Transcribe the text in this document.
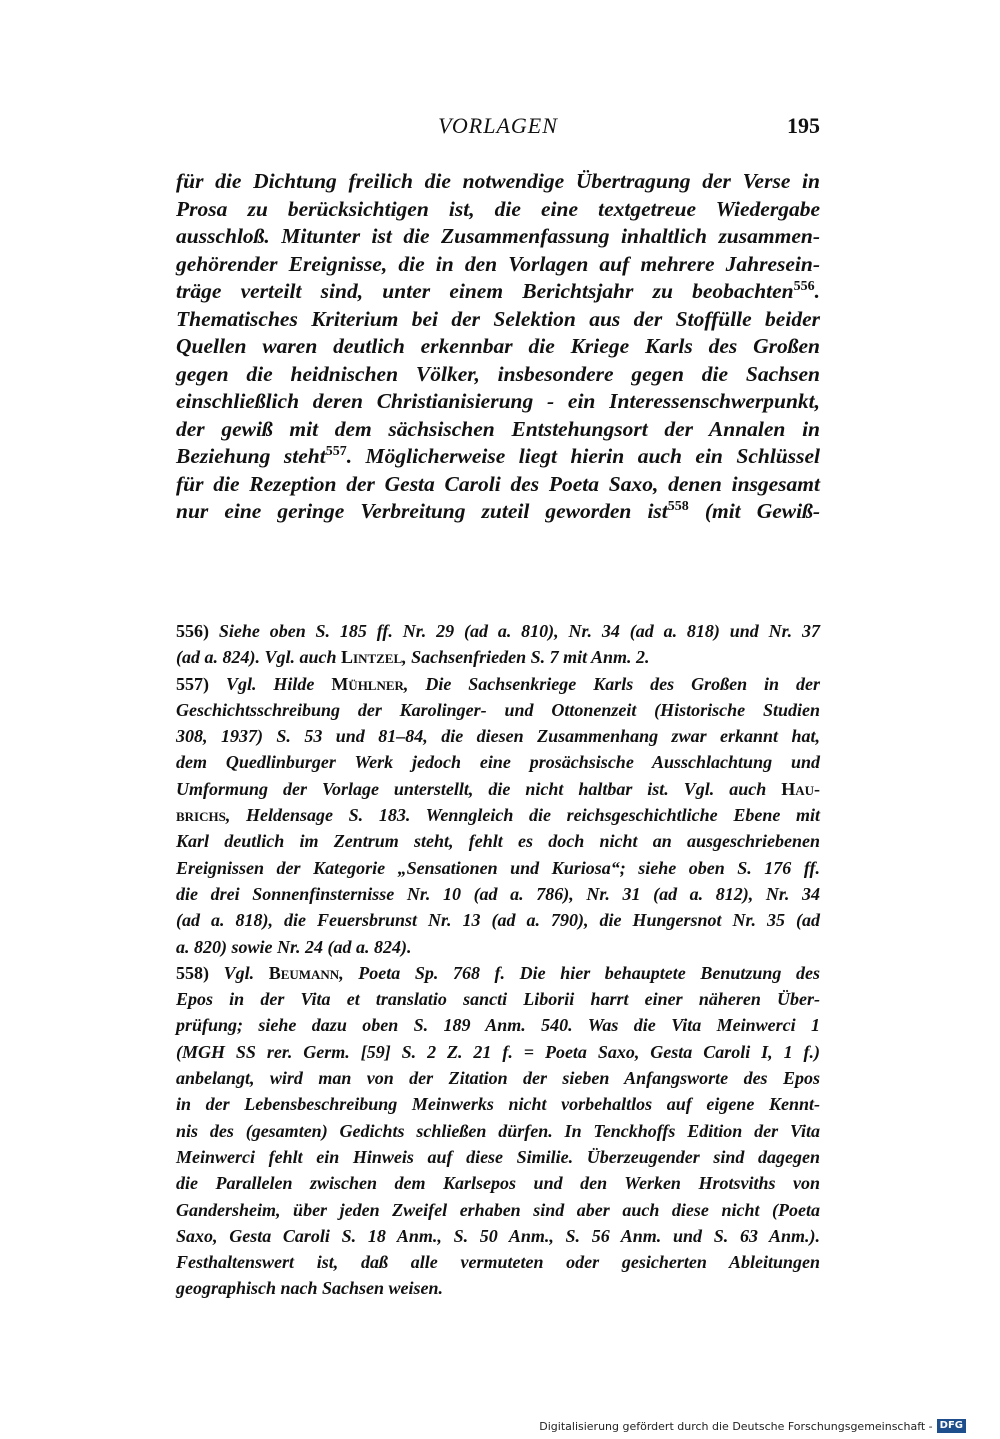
VORLAGEN	195
für die Dichtung freilich die notwendige Übertragung der Verse in
Prosa zu berücksichtigen ist, die eine textgetreue Wiedergabe
ausschloß. Mitunter ist die Zusammenfassung inhaltlich zusammen-
gehörender Ereignisse, die in den Vorlagen auf mehrere Jahresein-
träge verteilt sind, unter einem Berichtsjahr zu beobachten$^{556}$.
Thematisches Kriterium bei der Selektion aus der Stoffülle beider
Quellen waren deutlich erkennbar die Kriege Karls des Großen
gegen die heidnischen Völker, insbesondere gegen die Sachsen
einschließlich deren Christianisierung - ein Interessenschwerpunkt,
der gewiß mit dem sächsischen Entstehungsort der Annalen in
Beziehung steht$^{557}$. Möglicherweise liegt hierin auch ein Schlüssel
für die Rezeption der Gesta Caroli des Poeta Saxo, denen insgesamt
nur eine geringe Verbreitung zuteil geworden ist$^{558}$ (mit Gewiß-
556) Siehe oben S. 185 ff. Nr. 29 (ad a. 810), Nr. 34 (ad a. 818) und Nr. 37
(ad a. 824). Vgl. auch Lintzel, Sachsenfrieden S. 7 mit Anm. 2.
557) Vgl. Hilde Mühlner, Die Sachsenkriege Karls des Großen in der
Geschichtsschreibung der Karolinger- und Ottonenzeit (Historische Studien
308, 1937) S. 53 und 81–84, die diesen Zusammenhang zwar erkannt hat,
dem Quedlinburger Werk jedoch eine prosächsische Ausschlachtung und
Umformung der Vorlage unterstellt, die nicht haltbar ist. Vgl. auch Hau-
brichs, Heldensage S. 183. Wenngleich die reichsgeschichtliche Ebene mit
Karl deutlich im Zentrum steht, fehlt es doch nicht an ausgeschriebenen
Ereignissen der Kategorie „Sensationen und Kuriosa“; siehe oben S. 176 ff.
die drei Sonnenfinsternisse Nr. 10 (ad a. 786), Nr. 31 (ad a. 812), Nr. 34
(ad a. 818), die Feuersbrunst Nr. 13 (ad a. 790), die Hungersnot Nr. 35 (ad
a. 820) sowie Nr. 24 (ad a. 824).
558) Vgl. Beumann, Poeta Sp. 768 f. Die hier behauptete Benutzung des
Epos in der Vita et translatio sancti Liborii harrt einer näheren Über-
prüfung; siehe dazu oben S. 189 Anm. 540. Was die Vita Meinwerci 1
(MGH SS rer. Germ. [59] S. 2 Z. 21 f. = Poeta Saxo, Gesta Caroli I, 1 f.)
anbelangt, wird man von der Zitation der sieben Anfangsworte des Epos
in der Lebensbeschreibung Meinwerks nicht vorbehaltlos auf eigene Kennt-
nis des (gesamten) Gedichts schließen dürfen. In Tenckhoffs Edition der Vita
Meinwerci fehlt ein Hinweis auf diese Similie. Überzeugender sind dagegen
die Parallelen zwischen dem Karlsepos und den Werken Hrotsviths von
Gandersheim, über jeden Zweifel erhaben sind aber auch diese nicht (Poeta
Saxo, Gesta Caroli S. 18 Anm., S. 50 Anm., S. 56 Anm. und S. 63 Anm.).
Festhaltenswert ist, daß alle vermuteten oder gesicherten Ableitungen
geographisch nach Sachsen weisen.
Digitalisierung gefördert durch die Deutsche Forschungsgemeinschaft - DFG
